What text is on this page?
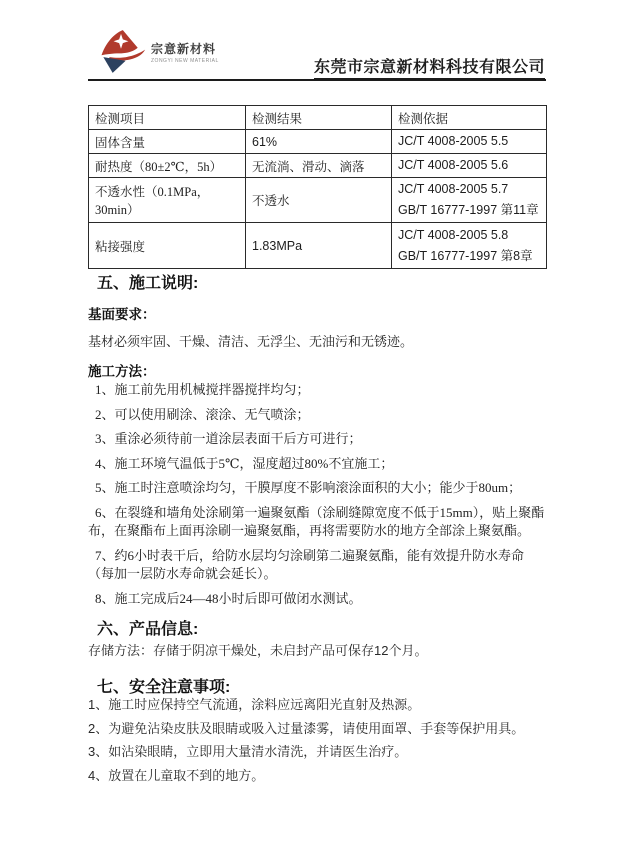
宗意新材料
ZONGYI NEW MATERIAL	东莞市宗意新材料科技有限公司
检测项目	检测结果	检测依据
固体含量	61%	JC/T 4008-2005 5.5
耐热度（80±2℃，5h）	无流淌、滑动、滴落	JC/T 4008-2005 5.6
不透水性（0.1MPa，30min）	不透水	JC/T 4008-2005 5.7
GB/T 16777-1997 第11章

粘接强度	1.83MPa	JC/T 4008-2005 5.8
GB/T 16777-1997 第8章
五、施工说明:
基面要求：
基材必须牢固、干燥、清洁、无浮尘、无油污和无锈迹。
施工方法：
1、施工前先用机械搅拌器搅拌均匀；
2、可以使用刷涂、滚涂、无气喷涂；
3、重涂必须待前一道涂层表面干后方可进行；
4、施工环境气温低于5℃，湿度超过80%不宜施工；
5、施工时注意喷涂均匀，干膜厚度不影响滚涂面积的大小；能少于80um；
6、在裂缝和墙角处涂刷第一遍聚氨酯（涂刷缝隙宽度不低于15mm），贴上聚酯布，在聚酯布上面再涂刷一遍聚氨酯，再将需要防水的地方全部涂上聚氨酯。
7、约6小时表干后，给防水层均匀涂刷第二遍聚氨酯，能有效提升防水寿命（每加一层防水寿命就会延长）。
8、施工完成后24—48小时后即可做闭水测试。
六、产品信息:
存储方法：存储于阴凉干燥处，未启封产品可保存12个月。
七、安全注意事项:
1、施工时应保持空气流通，涂料应远离阳光直射及热源。
2、为避免沾染皮肤及眼睛或吸入过量漆雾，请使用面罩、手套等保护用具。
3、如沾染眼睛，立即用大量清水清洗，并请医生治疗。
4、放置在儿童取不到的地方。
